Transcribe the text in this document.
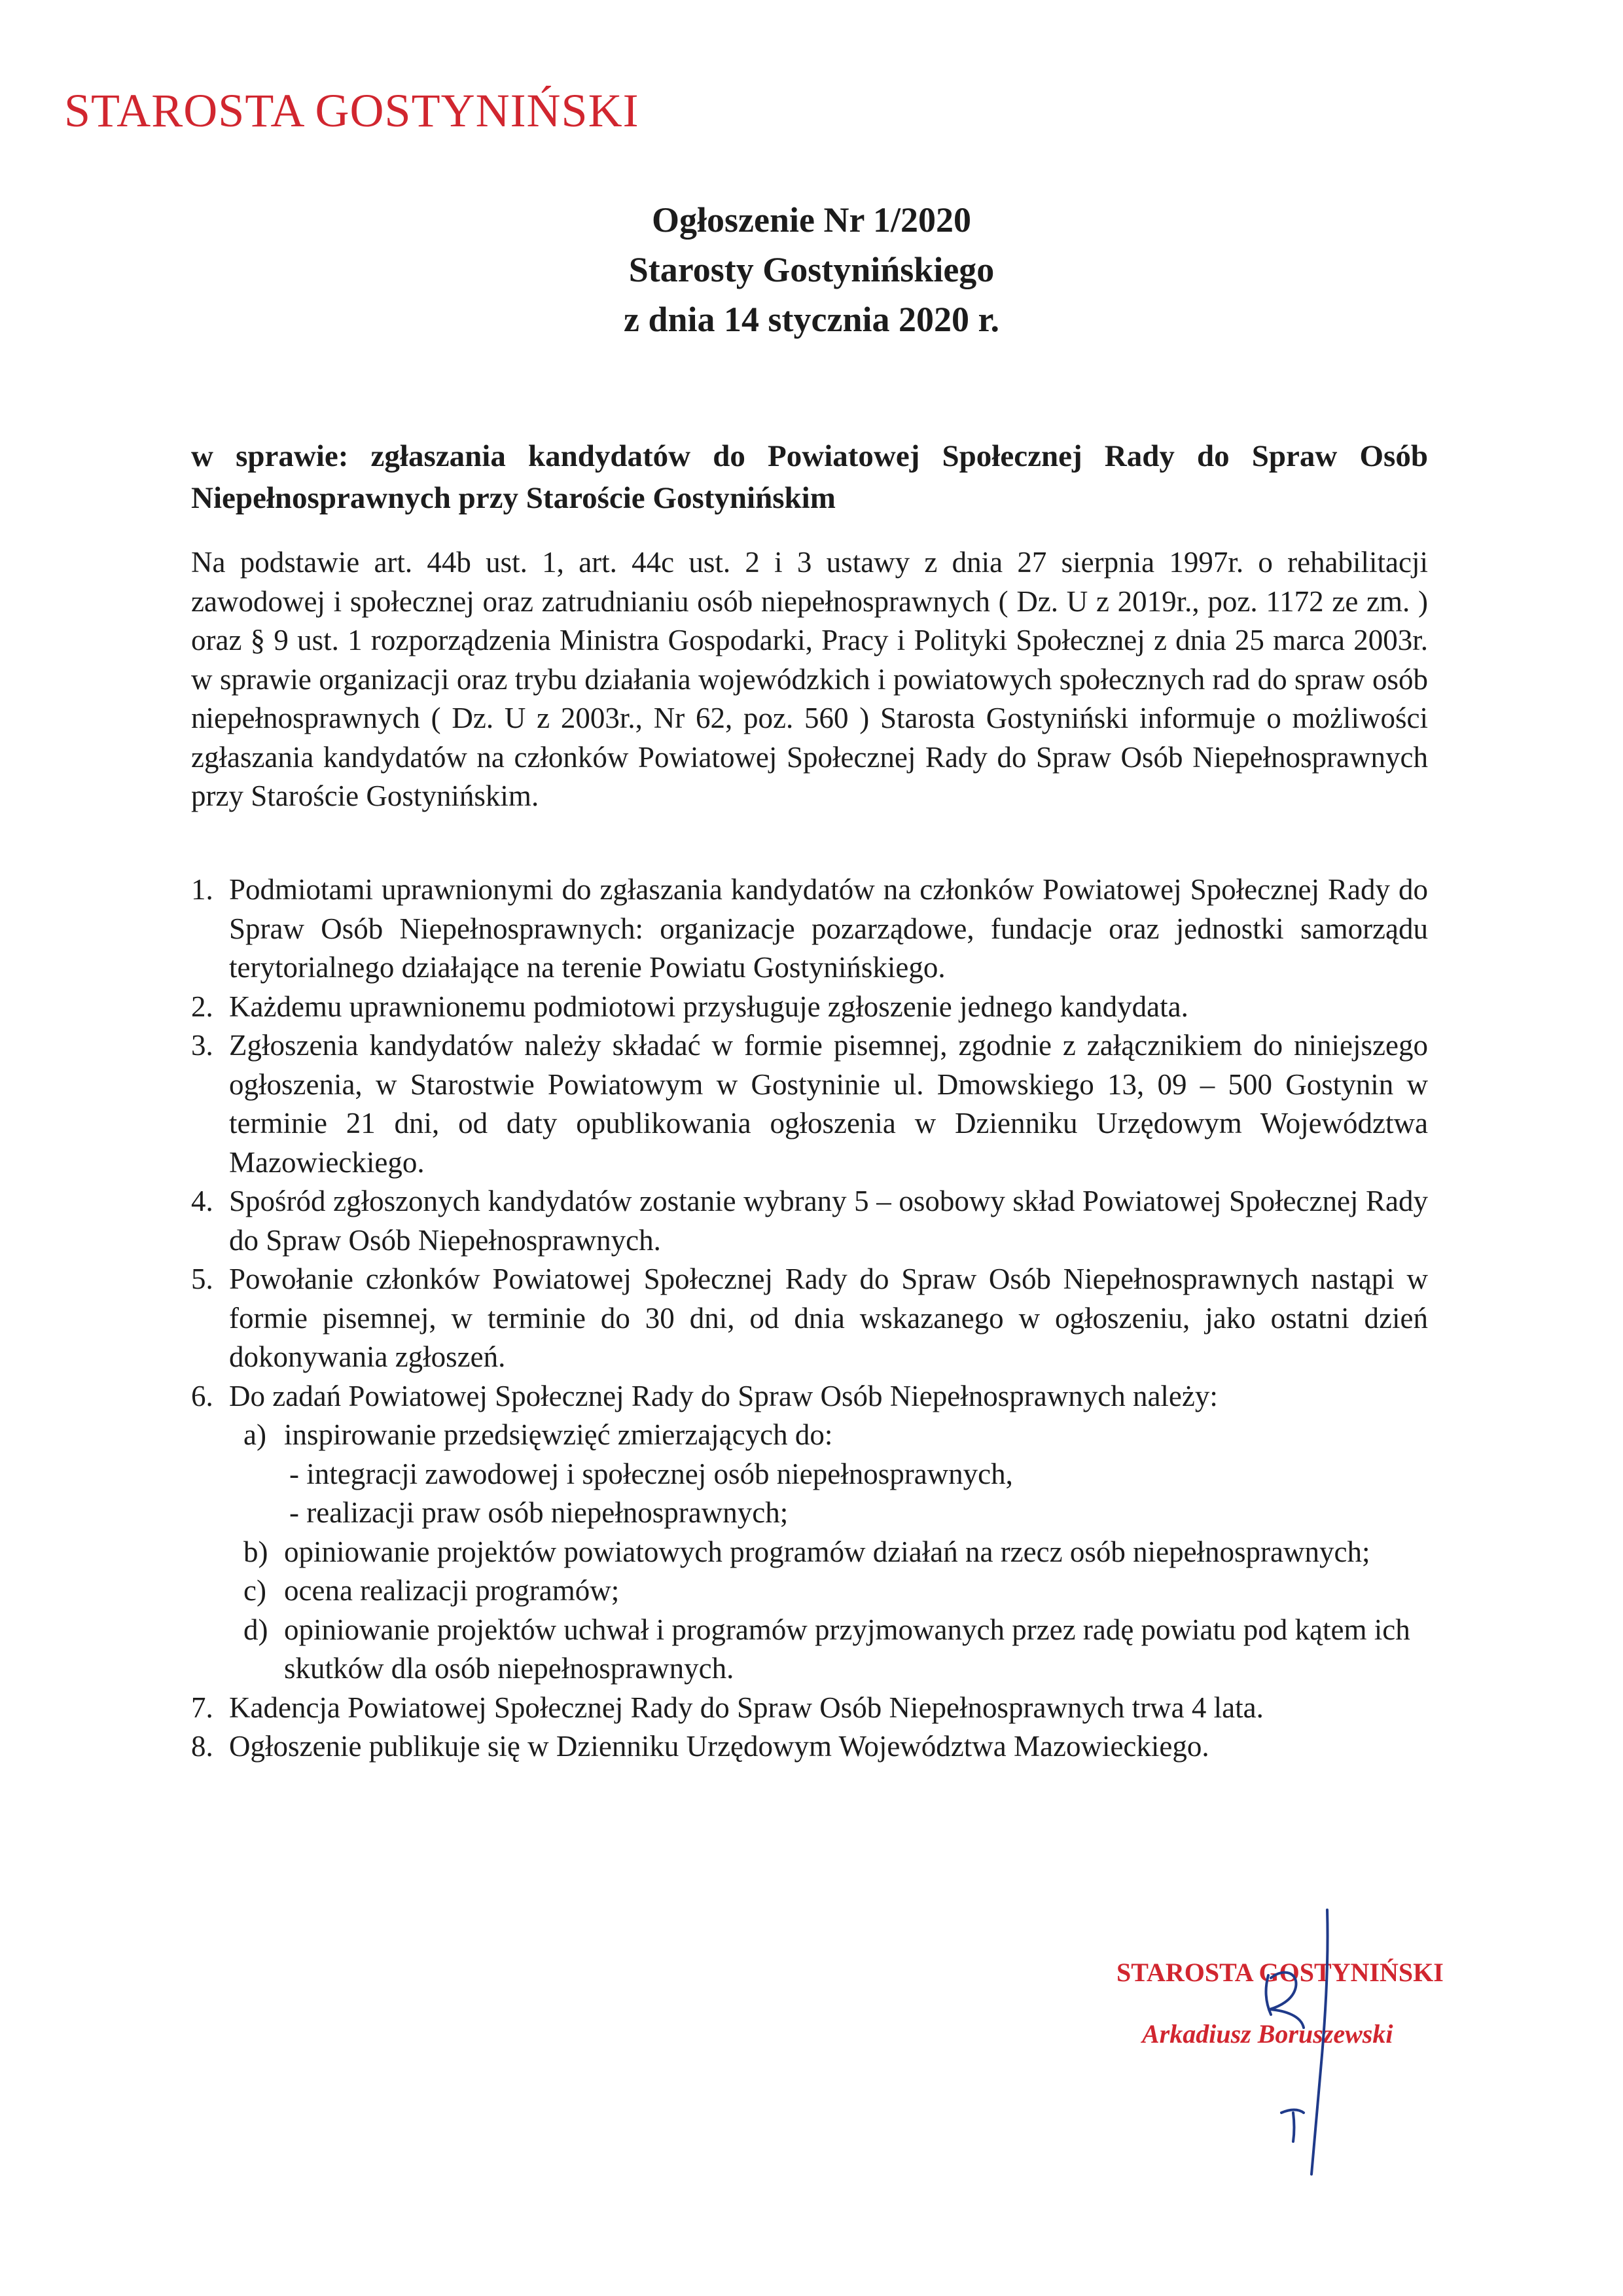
STAROSTA GOSTYNIŃSKI
Ogłoszenie Nr 1/2020
Starosty Gostynińskiego
z dnia 14 stycznia 2020 r.
w sprawie: zgłaszania kandydatów do Powiatowej Społecznej Rady do Spraw Osób Niepełnosprawnych przy Staroście Gostynińskim
Na podstawie art. 44b ust. 1, art. 44c ust. 2 i 3 ustawy z dnia 27 sierpnia 1997r. o rehabilitacji zawodowej i społecznej oraz zatrudnianiu osób niepełnosprawnych ( Dz. U z 2019r., poz. 1172 ze zm. ) oraz § 9 ust. 1 rozporządzenia Ministra Gospodarki, Pracy i Polityki Społecznej z dnia 25 marca 2003r. w sprawie organizacji oraz trybu działania wojewódzkich i powiatowych społecznych rad do spraw osób niepełnosprawnych ( Dz. U z 2003r., Nr 62, poz. 560 ) Starosta Gostyniński informuje o możliwości zgłaszania kandydatów na członków Powiatowej Społecznej Rady do Spraw Osób Niepełnosprawnych przy Staroście Gostynińskim.
1. Podmiotami uprawnionymi do zgłaszania kandydatów na członków Powiatowej Społecznej Rady do Spraw Osób Niepełnosprawnych: organizacje pozarządowe, fundacje oraz jednostki samorządu terytorialnego działające na terenie Powiatu Gostynińskiego.
2. Każdemu uprawnionemu podmiotowi przysługuje zgłoszenie jednego kandydata.
3. Zgłoszenia kandydatów należy składać w formie pisemnej, zgodnie z załącznikiem do niniejszego ogłoszenia, w Starostwie Powiatowym w Gostyninie ul. Dmowskiego 13, 09 – 500 Gostynin w terminie 21 dni, od daty opublikowania ogłoszenia w Dzienniku Urzędowym Województwa Mazowieckiego.
4. Spośród zgłoszonych kandydatów zostanie wybrany 5 – osobowy skład Powiatowej Społecznej Rady do Spraw Osób Niepełnosprawnych.
5. Powołanie członków Powiatowej Społecznej Rady do Spraw Osób Niepełnosprawnych nastąpi w formie pisemnej, w terminie do 30 dni, od dnia wskazanego w ogłoszeniu, jako ostatni dzień dokonywania zgłoszeń.
6. Do zadań Powiatowej Społecznej Rady do Spraw Osób Niepełnosprawnych należy:
a) inspirowanie przedsięwzięć zmierzających do:
- integracji zawodowej i społecznej osób niepełnosprawnych,
- realizacji praw osób niepełnosprawnych;
b) opiniowanie projektów powiatowych programów działań na rzecz osób niepełnosprawnych;
c) ocena realizacji programów;
d) opiniowanie projektów uchwał i programów przyjmowanych przez radę powiatu pod kątem ich skutków dla osób niepełnosprawnych.
7. Kadencja Powiatowej Społecznej Rady do Spraw Osób Niepełnosprawnych trwa 4 lata.
8. Ogłoszenie publikuje się w Dzienniku Urzędowym Województwa Mazowieckiego.
STAROSTA GOSTYNIŃSKI
Arkadiusz Boruszewski
